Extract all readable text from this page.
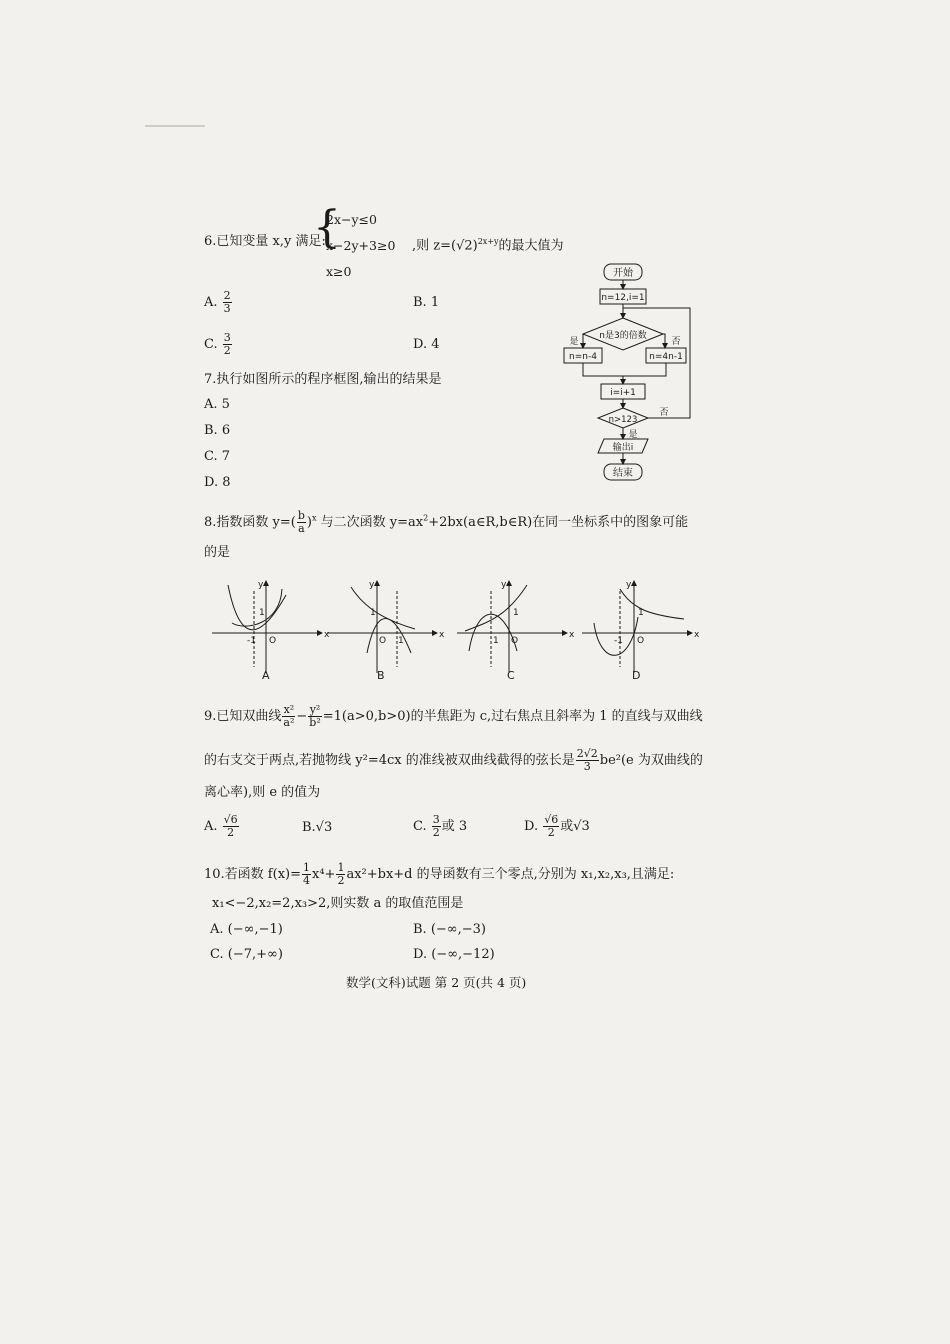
6.已知变量 x,y 满足:
{
2x−y≤0
x−2y+3≥0
x≥0
,则 $z=(√2)^{2x+y}$的最大值为
A. $\frac{2}{3}$	B. 1
C. $\frac{3}{2}$	D. 4
7.执行如图所示的程序框图,输出的结果是
A. 5
B. 6
C. 7
D. 8
开始
n=12,i=1
n是3的倍数
是	否
n=n-4	n=4n-1
i=i+1
n>123
否
是
输出i
结束
8.指数函数 $y=( \frac{b}{a} )^x$ 与二次函数 $y=ax^2+2bx(a\in R,b\in R)$在同一坐标系中的图象可能
的是
x
y
O
1
-1
A
x
y
O
1
1
B
x
y
O
1
1
C
x
y
O
1
-1
D
9.已知双曲线 $\frac{\text{x²}}{\text{a²}} - \frac{\text{y²}}{\text{b²}} =1(a>0,b>0)$的半焦距为 c,过右焦点且斜率为 1 的直线与双曲线
的右支交于两点,若抛物线 y²=4cx 的准线被双曲线截得的弦长是 $\frac{2√2}{3} be^2(e$ 为双曲线的
离心率),则 e 的值为
A. $\frac{√6}{2}$	B.√3	C. $\frac{3}{2}$ 或 3	D. $\frac{√6}{2}$ 或√3
10.若函数 $f(x)= \frac{1}{4} x^4+ \frac{1}{2} ax^2+bx+d$ 的导函数有三个零点,分别为 x₁,x₂,x₃,且满足:
x₁<−2,x₂=2,x₃>2,则实数 a 的取值范围是
A. (−∞,−1)	B. (−∞,−3)
C. (−7,+∞)	D. (−∞,−12)
数学(文科)试题 第 2 页(共 4 页)
